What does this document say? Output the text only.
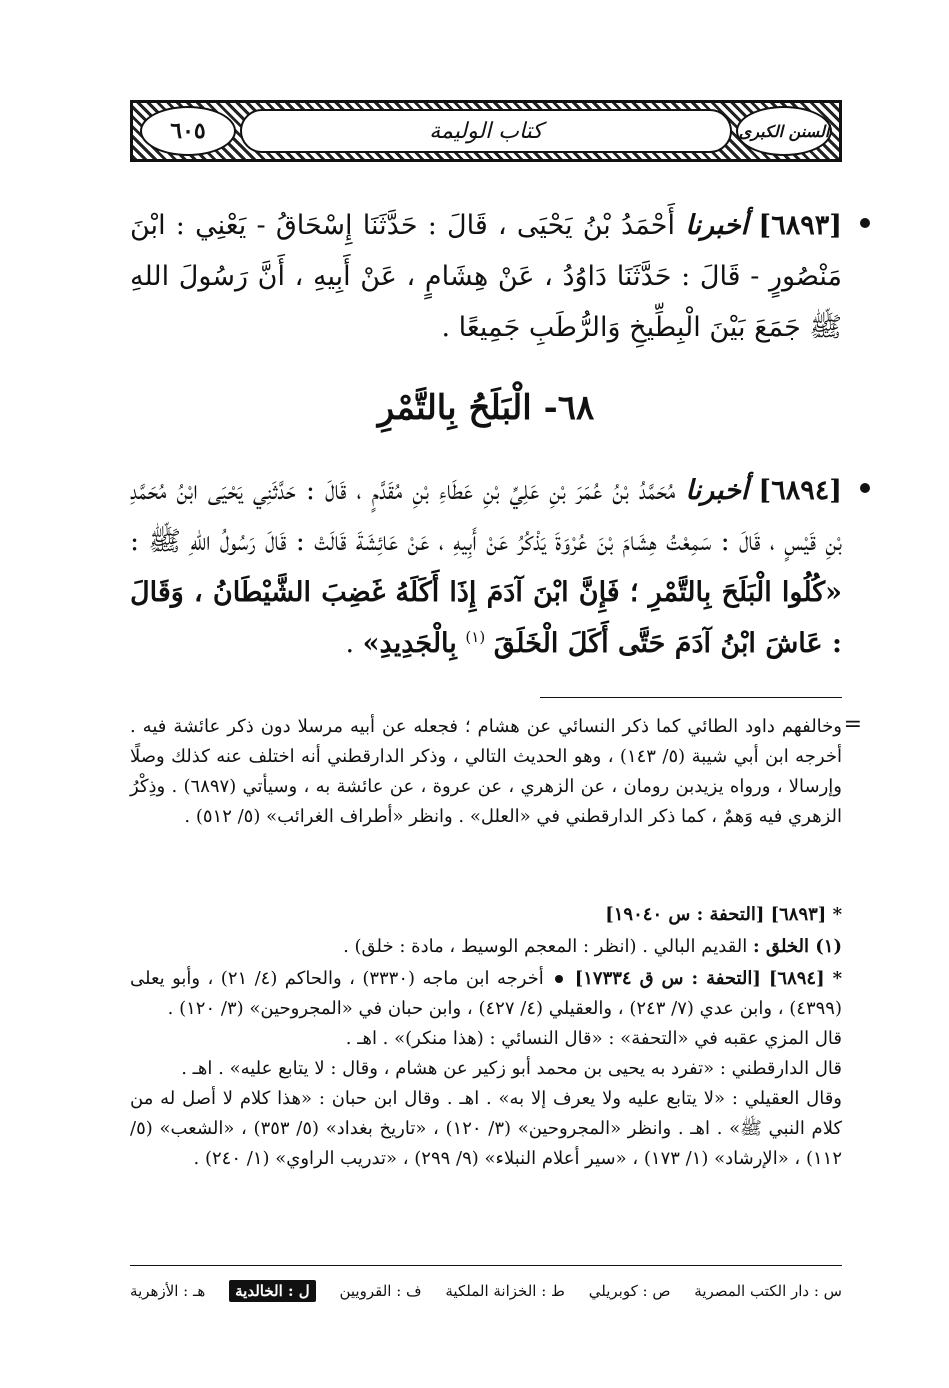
٦٠٥	كتاب الوليمة	السنن الكبرى
[٦٨٩٣] أخبرنا أَحْمَدُ بْنُ يَحْيَى ، قَالَ : حَدَّثَنَا إِسْحَاقُ - يَعْنِي : ابْنَ مَنْصُورٍ - قَالَ : حَدَّثَنَا دَاوُدُ ، عَنْ هِشَامٍ ، عَنْ أَبِيهِ ، أَنَّ رَسُولَ اللهِ ﷺ جَمَعَ بَيْنَ الْبِطِّيخِ وَالرُّطَبِ جَمِيعًا .
٦٨- الْبَلَحُ بِالتَّمْرِ
[٦٨٩٤] أخبرنا مُحَمَّدُ بْنُ عُمَرَ بْنِ عَلِيِّ بْنِ عَطَاءِ بْنِ مُقَدَّمٍ ، قَالَ : حَدَّثَنِي يَحْيَى ابْنُ مُحَمَّدِ بْنِ قَيْسٍ ، قَالَ : سَمِعْتُ هِشَامَ بْنَ عُرْوَةَ يَذْكُرُ عَنْ أَبِيهِ ، عَنْ عَائِشَةَ قَالَتْ : قَالَ رَسُولُ اللهِ ﷺ : «كُلُوا الْبَلَحَ بِالتَّمْرِ ؛ فَإِنَّ ابْنَ آدَمَ إِذَا أَكَلَهُ غَضِبَ الشَّيْطَانُ ، وَقَالَ : عَاشَ ابْنُ آدَمَ حَتَّى أَكَلَ الْخَلَقَ $^{(١)}$ بِالْجَدِيدِ» .
=
وخالفهم داود الطائي كما ذكر النسائي عن هشام ؛ فجعله عن أبيه مرسلا دون ذكر عائشة فيه . أخرجه ابن أبي شيبة (٥/ ١٤٣) ، وهو الحديث التالي ، وذكر الدارقطني أنه اختلف عنه كذلك وصلًا وإرسالا ، ورواه يزيدبن رومان ، عن الزهري ، عن عروة ، عن عائشة به ، وسيأتي (٦٨٩٧) . وذِكْرُ الزهري فيه وَهمٌ ، كما ذكر الدارقطني في «العلل» . وانظر «أطراف الغرائب» (٥/ ٥١٢) .
* [٦٨٩٣] [التحفة : س ١٩٠٤٠]
(١) الخلق : القديم البالي . (انظر : المعجم الوسيط ، مادة : خلق) .
* [٦٨٩٤] [التحفة : س ق ١٧٣٣٤]  أخرجه ابن ماجه (٣٣٣٠) ، والحاكم (٤/ ٢١) ، وأبو يعلى (٤٣٩٩) ، وابن عدي (٧/ ٢٤٣) ، والعقيلي (٤/ ٤٢٧) ، وابن حبان في «المجروحين» (٣/ ١٢٠) .
قال المزي عقبه في «التحفة» : «قال النسائي : (هذا منكر)» . اهـ .
قال الدارقطني : «تفرد به يحيى بن محمد أبو زكير عن هشام ، وقال : لا يتابع عليه» . اهـ .
وقال العقيلي : «لا يتابع عليه ولا يعرف إلا به» . اهـ . وقال ابن حبان : «هذا كلام لا أصل له من كلام النبي ﷺ» . اهـ . وانظر «المجروحين» (٣/ ١٢٠) ، «تاريخ بغداد» (٥/ ٣٥٣) ، «الشعب» (٥/ ١١٢) ، «الإرشاد» (١/ ١٧٣) ، «سير أعلام النبلاء» (٩/ ٢٩٩) ، «تدريب الراوي» (١/ ٢٤٠) .
س : دار الكتب المصرية
ص : كوبريلي
ط : الخزانة الملكية
ف : القرويين
ل : الخالدية
هـ : الأزهرية
